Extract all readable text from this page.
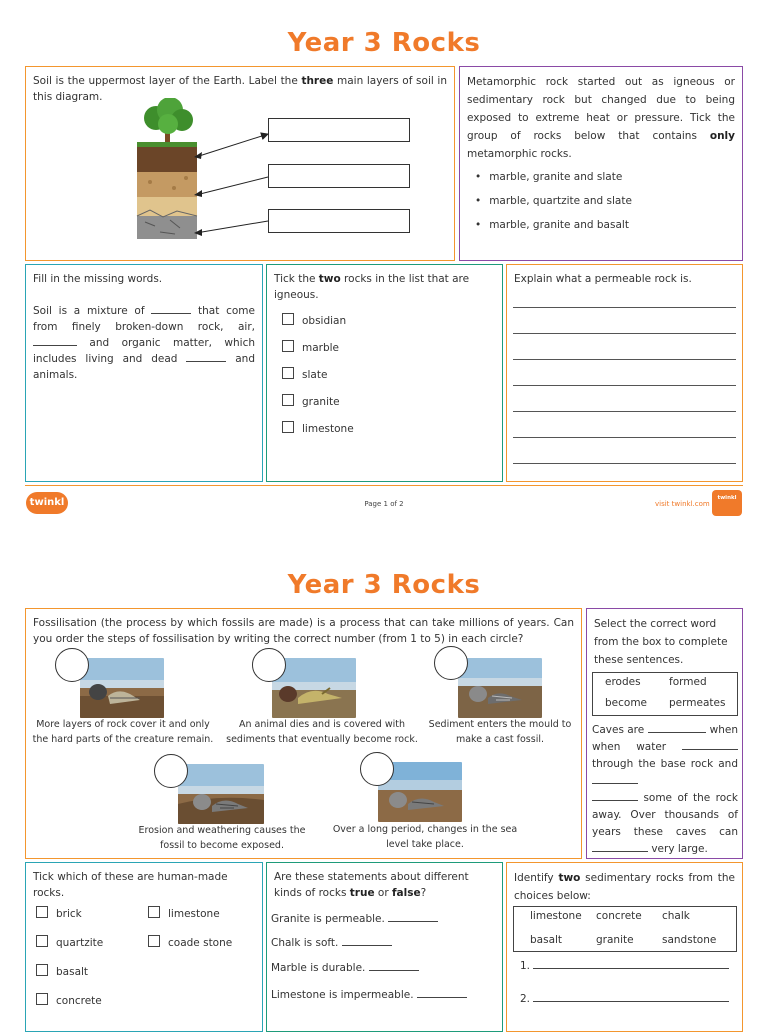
Year 3 Rocks
Soil is the uppermost layer of the Earth. Label the three main layers of soil in this diagram.
Metamorphic rock started out as igneous or sedimentary rock but changed due to being exposed to extreme heat or pressure. Tick the group of rocks below that contains only metamorphic rocks.
• marble, granite and slate
• marble, quartzite and slate
• marble, granite and basalt
Fill in the missing words.
Soil is a mixture of	that come from finely broken-down rock, air,  and organic matter, which includes living and dead	and animals.
Tick the two rocks in the list that are igneous.
obsidian
marble
slate
granite
limestone
Explain what a permeable rock is.
twinkl	Page 1 of 2	visit twinkl.com
twinkl
Year 3 Rocks
Fossilisation (the process by which fossils are made) is a process that can take millions of years. Can you order the steps of fossilisation by writing the correct number (from 1 to 5) in each circle?
More layers of rock cover it and only the hard parts of the creature remain.
An animal dies and is covered with sediments that eventually become rock.
Sediment enters the mould to make a cast fossil.
Erosion and weathering causes the fossil to become exposed.
Over a long period, changes in the sea level take place.
Select the correct word from the box to complete these sentences.
erodes	formed
become permeates
Caves are	when

when water  through the base rock and
some of the rock away. Over thousands of years these caves can  very large.
Tick which of these are human-made rocks.
brick
quartzite
basalt
concrete
limestone
coade stone
Are these statements about different kinds of rocks true or false?
Granite is permeable.
Chalk is soft.
Marble is durable.
Limestone is impermeable.
Identify two sedimentary rocks from the choices below:
limestone concrete chalk
basalt	granite	sandstone
1.
2.
